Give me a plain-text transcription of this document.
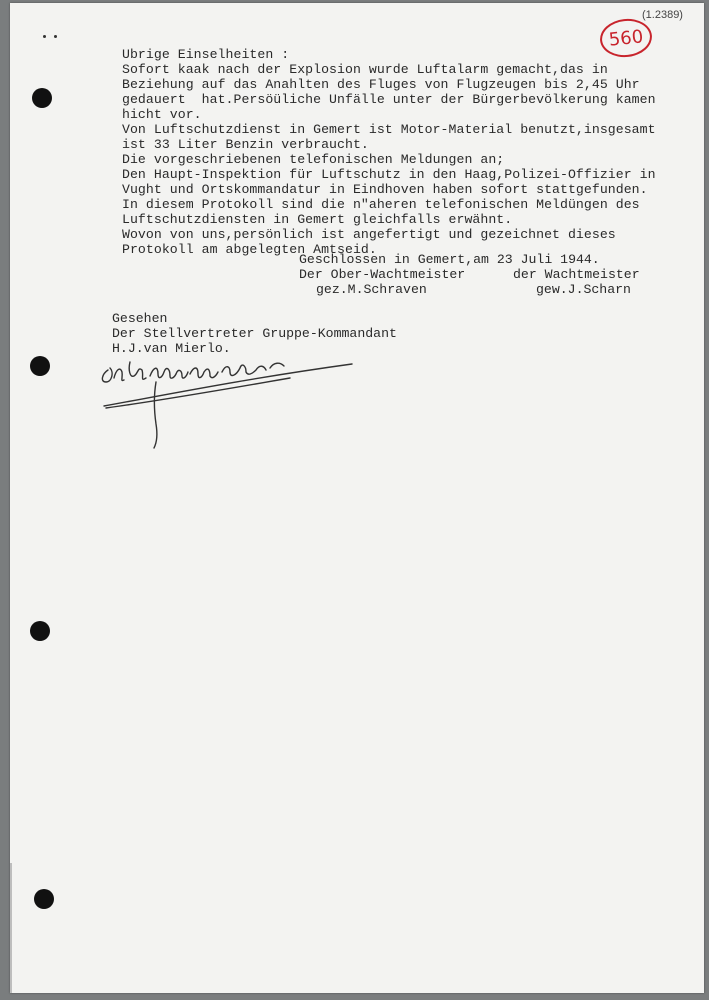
560
(1.2389)
Ubrige Einselheiten :
Sofort kaak nach der Explosion wurde Luftalarm gemacht,das in
Beziehung auf das Anahlten des Fluges von Flugzeugen bis 2,45 Uhr
gedauert  hat.Persöüliche Unfälle unter der Bürgerbevölkerung kamen
hicht vor.
Von Luftschutzdienst in Gemert ist Motor-Material benutzt,insgesamt
ist 33 Liter Benzin verbraucht.
Die vorgeschriebenen telefonischen Meldungen an;
Den Haupt-Inspektion für Luftschutz in den Haag,Polizei-Offizier in
Vught und Ortskommandatur in Eindhoven haben sofort stattgefunden.
In diesem Protokoll sind die n"aheren telefonischen Meldüngen des
Luftschutzdiensten in Gemert gleichfalls erwähnt.
Wovon von uns,persönlich ist angefertigt und gezeichnet dieses
Protokoll am abgelegten Amtseid.
Geschlossen in Gemert,am 23 Juli 1944.
Der Ober-Wachtmeister	der Wachtmeister
gez.M.Schraven	gew.J.Scharn
Gesehen
Der Stellvertreter Gruppe-Kommandant
H.J.van Mierlo.
